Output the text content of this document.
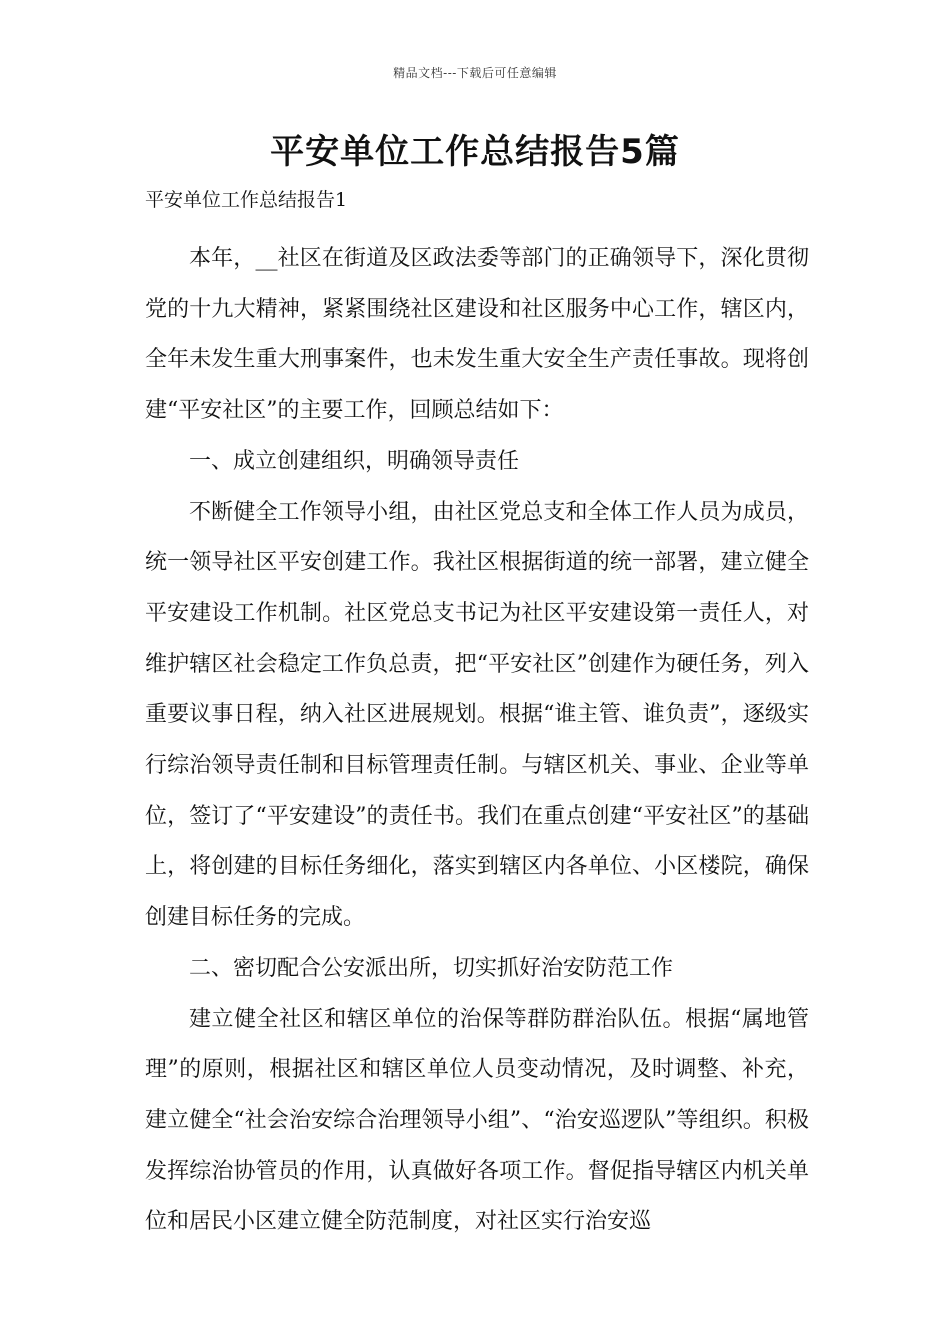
精品文档---下载后可任意编辑
平安单位工作总结报告5篇

平安单位工作总结报告1

本年，__社区在街道及区政法委等部门的正确领导下，深化贯彻党的十九大精神，紧紧围绕社区建设和社区服务中心工作，辖区内，全年未发生重大刑事案件，也未发生重大安全生产责任事故。现将创建“平安社区”的主要工作，回顾总结如下：

一、成立创建组织，明确领导责任

不断健全工作领导小组，由社区党总支和全体工作人员为成员，统一领导社区平安创建工作。我社区根据街道的统一部署，建立健全平安建设工作机制。社区党总支书记为社区平安建设第一责任人，对维护辖区社会稳定工作负总责，把“平安社区”创建作为硬任务，列入重要议事日程，纳入社区进展规划。根据“谁主管、谁负责”，逐级实行综治领导责任制和目标管理责任制。与辖区机关、事业、企业等单位，签订了“平安建设”的责任书。我们在重点创建“平安社区”的基础上，将创建的目标任务细化，落实到辖区内各单位、小区楼院，确保创建目标任务的完成。

二、密切配合公安派出所，切实抓好治安防范工作

建立健全社区和辖区单位的治保等群防群治队伍。根据“属地管理”的原则，根据社区和辖区单位人员变动情况，及时调整、补充，建立健全“社会治安综合治理领导小组”、“治安巡逻队”等组织。积极发挥综治协管员的作用，认真做好各项工作。督促指导辖区内机关单位和居民小区建立健全防范制度，对社区实行治安巡
